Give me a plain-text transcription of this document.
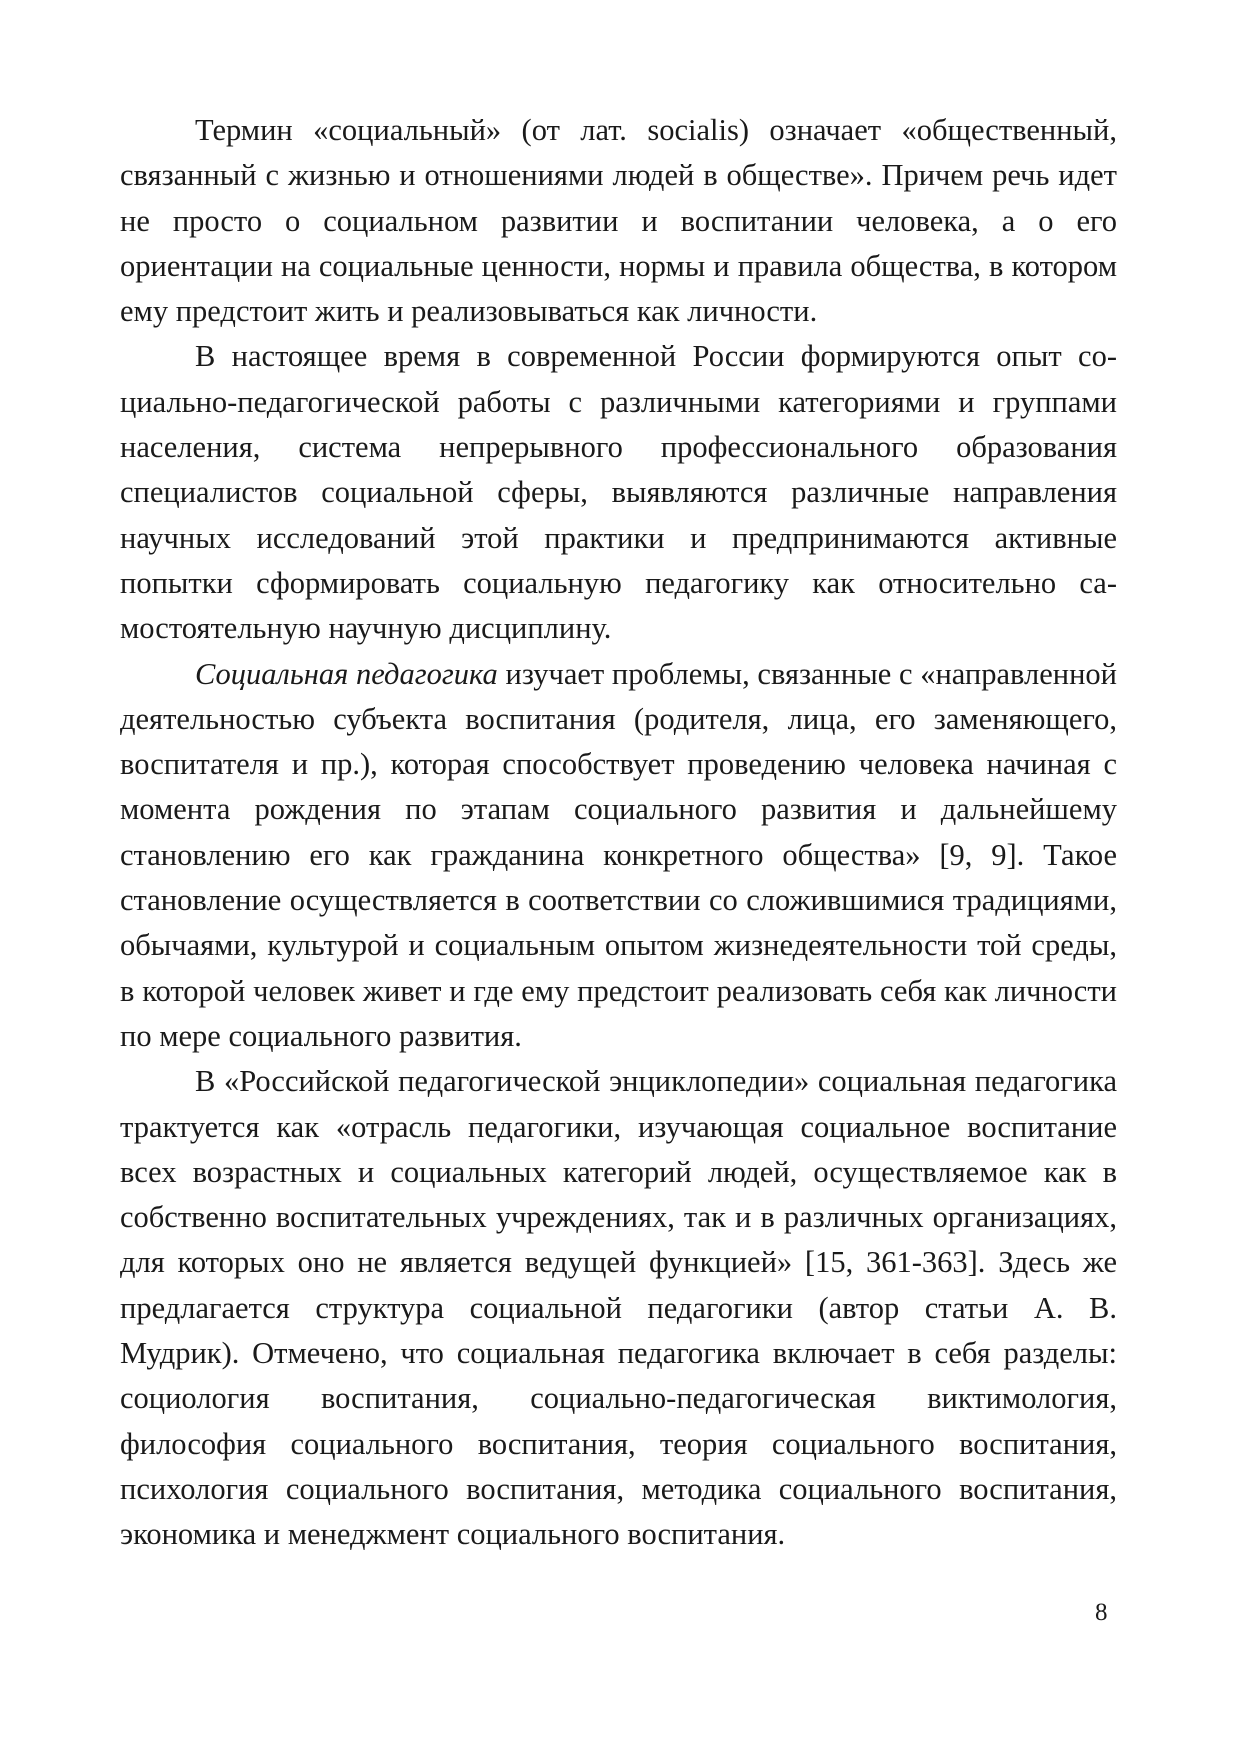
Термин «социальный» (от лат. socialis) означает «общественный, связанный с жизнью и отношениями людей в обществе». Причем речь идет не просто о социальном развитии и воспитании человека, а о его ориентации на социальные ценности, нормы и правила общества, в котором ему предстоит жить и реализовываться как личности.

В настоящее время в современной России формируются опыт социально-педагогической работы с различными категориями и группами населения, система непрерывного профессионального образования специалистов социальной сферы, выявляются различные направления научных исследований этой практики и предпринимаются активные попытки сформировать социальную педагогику как относительно самостоятельную научную дисциплину.

Социальная педагогика изучает проблемы, связанные с «направленной деятельностью субъекта воспитания (родителя, лица, его заменяющего, воспитателя и пр.), которая способствует проведению человека начиная с момента рождения по этапам социального развития и дальнейшему становлению его как гражданина конкретного общества» [9, 9]. Такое становление осуществляется в соответствии со сложившимися традициями, обычаями, культурой и социальным опытом жизнедеятельности той среды, в которой человек живет и где ему предстоит реализовать себя как личности по мере социального развития.

В «Российской педагогической энциклопедии» социальная педагогика трактуется как «отрасль педагогики, изучающая социальное воспитание всех возрастных и социальных категорий людей, осуществляемое как в собственно воспитательных учреждениях, так и в различных организациях, для которых оно не является ведущей функцией» [15, 361-363]. Здесь же предлагается структура социальной педагогики (автор статьи А. В. Мудрик). Отмечено, что социальная педагогика включает в себя разделы: социология воспитания, социально-педагогическая виктимология, философия социального воспитания, теория социального воспитания, психология социального воспитания, методика социального воспитания, экономика и менеджмент социального воспитания.

8
